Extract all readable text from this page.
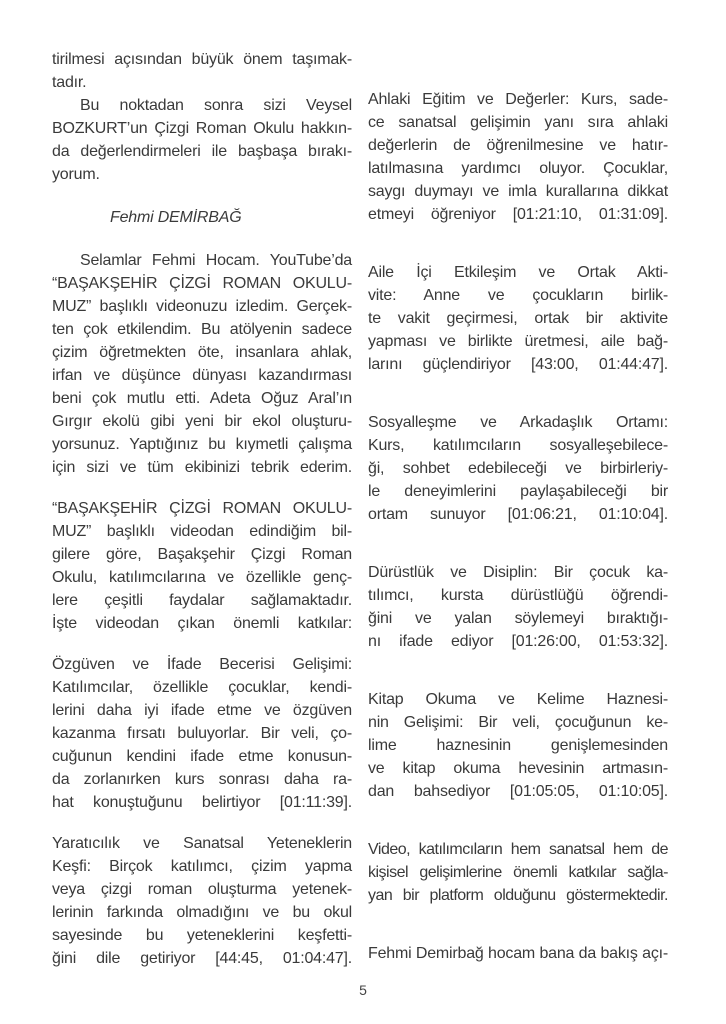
tirilmesi açısından büyük önem taşımak-
tadır.
Bu noktadan sonra sizi Veysel
BOZKURT’un Çizgi Roman Okulu hakkın-
da değerlendirmeleri ile başbaşa bırakı-
yorum.
Fehmi DEMİRBAĞ
Selamlar Fehmi Hocam. YouTube’da
“BAŞAKŞEHİR ÇİZGİ ROMAN OKULU-
MUZ” başlıklı videonuzu izledim. Gerçek-
ten çok etkilendim. Bu atölyenin sadece
çizim öğretmekten öte, insanlara ahlak,
irfan ve düşünce dünyası kazandırması
beni çok mutlu etti. Adeta Oğuz Aral’ın
Gırgır ekolü gibi yeni bir ekol oluşturu-
yorsunuz. Yaptığınız bu kıymetli çalışma
için sizi ve tüm ekibinizi tebrik ederim.
“BAŞAKŞEHİR ÇİZGİ ROMAN OKULU-
MUZ” başlıklı videodan edindiğim bil-
gilere göre, Başakşehir Çizgi Roman
Okulu, katılımcılarına ve özellikle genç-
lere çeşitli faydalar sağlamaktadır.
İşte videodan çıkan önemli katkılar:
Özgüven ve İfade Becerisi Gelişimi:
Katılımcılar, özellikle çocuklar, kendi-
lerini daha iyi ifade etme ve özgüven
kazanma fırsatı buluyorlar. Bir veli, ço-
cuğunun kendini ifade etme konusun-
da zorlanırken kurs sonrası daha ra-
hat konuştuğunu belirtiyor [01:11:39].
Yaratıcılık ve Sanatsal Yeteneklerin
Keşfi: Birçok katılımcı, çizim yapma
veya çizgi roman oluşturma yetenek-
lerinin farkında olmadığını ve bu okul
sayesinde bu yeteneklerini keşfetti-
ğini dile getiriyor [44:45, 01:04:47].
Ahlaki Eğitim ve Değerler: Kurs, sade-
ce sanatsal gelişimin yanı sıra ahlaki
değerlerin de öğrenilmesine ve hatır-
latılmasına yardımcı oluyor. Çocuklar,
saygı duymayı ve imla kurallarına dikkat
etmeyi öğreniyor [01:21:10, 01:31:09].
Aile İçi Etkileşim ve Ortak Akti-
vite: Anne ve çocukların birlik-
te vakit geçirmesi, ortak bir aktivite
yapması ve birlikte üretmesi, aile bağ-
larını güçlendiriyor [43:00, 01:44:47].
Sosyalleşme ve Arkadaşlık Ortamı:
Kurs, katılımcıların sosyalleşebilece-
ği, sohbet edebileceği ve birbirleriy-
le deneyimlerini paylaşabileceği bir
ortam sunuyor [01:06:21, 01:10:04].
Dürüstlük ve Disiplin: Bir çocuk ka-
tılımcı, kursta dürüstlüğü öğrendi-
ğini ve yalan söylemeyi bıraktığı-
nı ifade ediyor [01:26:00, 01:53:32].
Kitap Okuma ve Kelime Haznesi-
nin Gelişimi: Bir veli, çocuğunun ke-
lime haznesinin genişlemesinden
ve kitap okuma hevesinin artmasın-
dan bahsediyor [01:05:05, 01:10:05].
Video, katılımcıların hem sanatsal hem de
kişisel gelişimlerine önemli katkılar sağla-
yan bir platform olduğunu göstermektedir.
Fehmi Demirbağ hocam bana da bakış açı-
5
